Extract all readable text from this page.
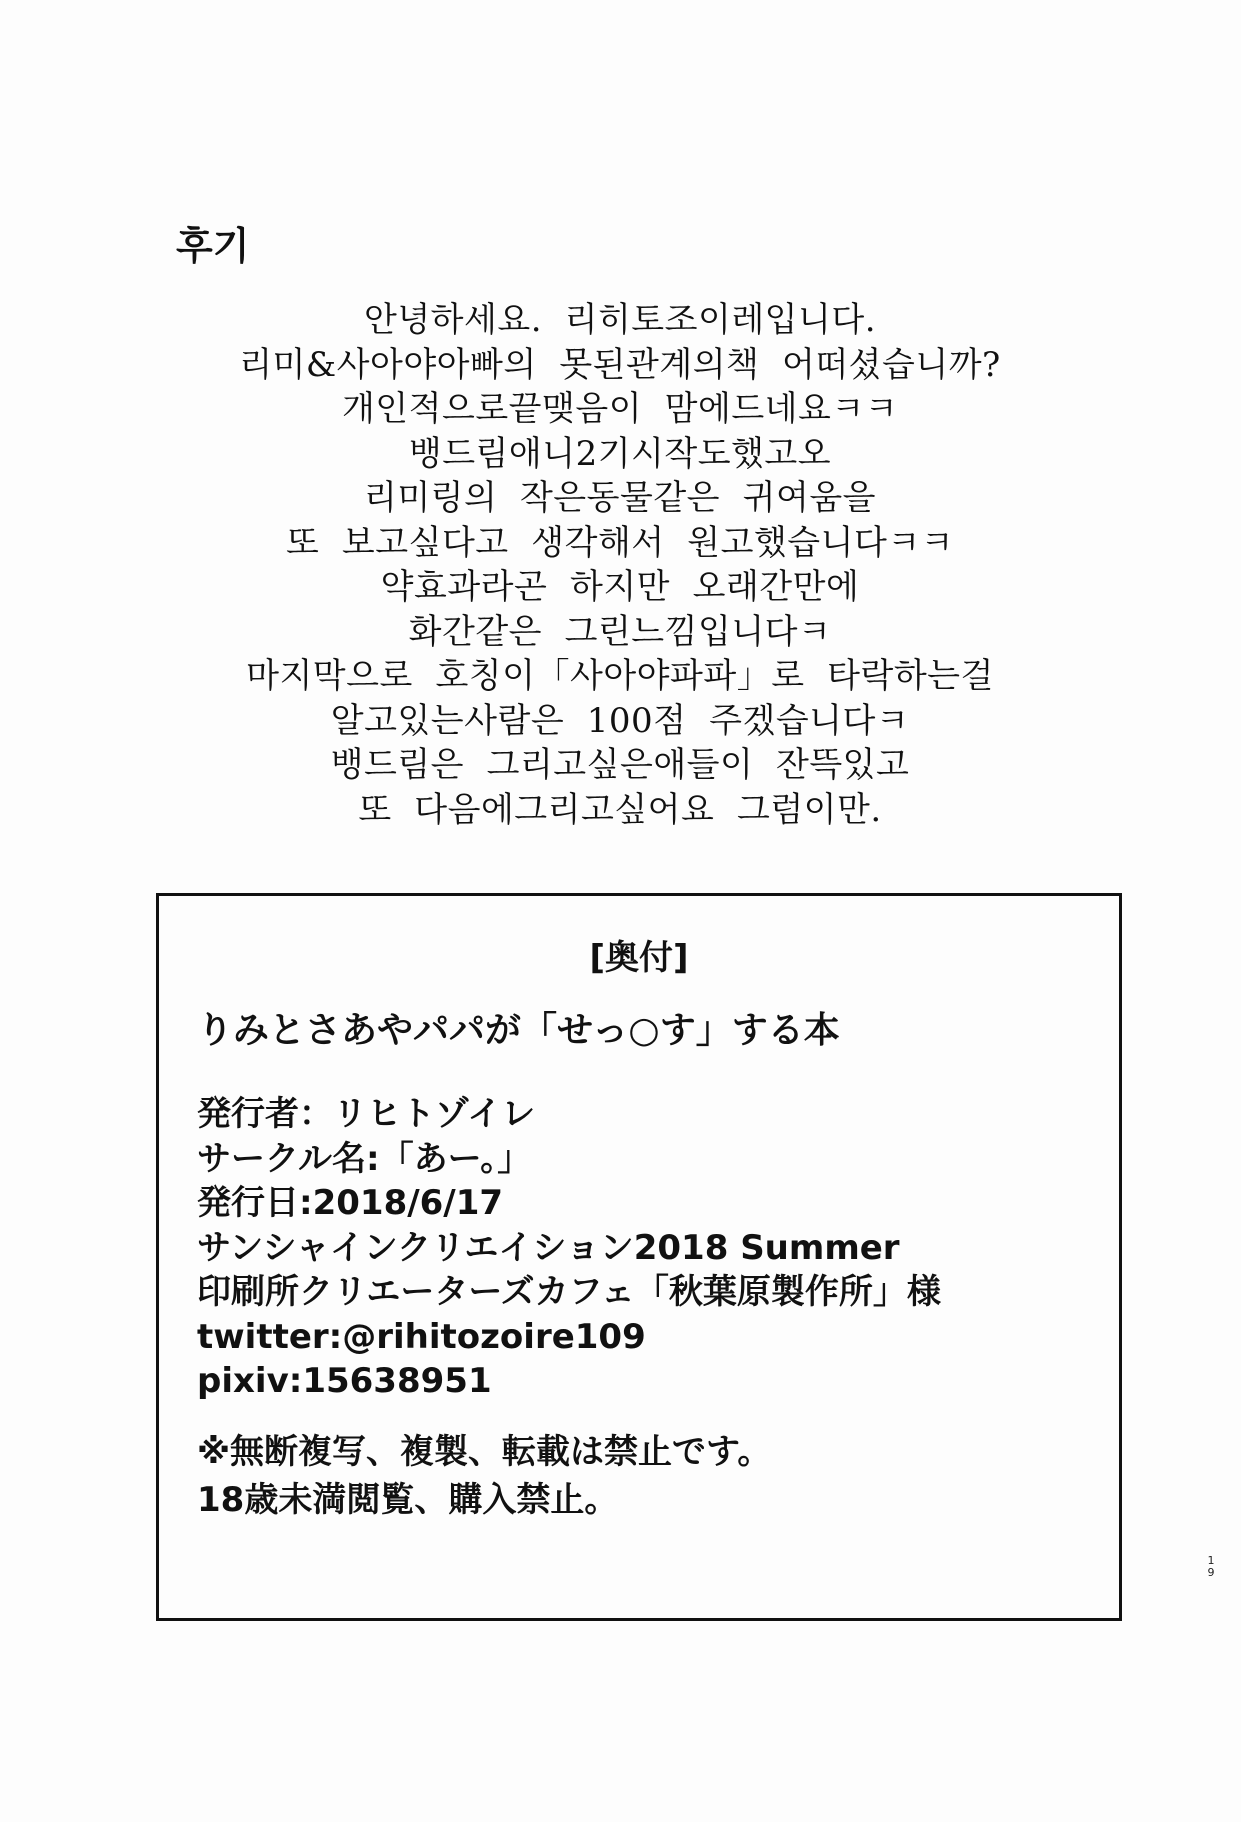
후기
안녕하세요.  리히토조이레입니다.
리미&사아야아빠의  못된관계의책  어떠셨습니까?
개인적으로끝맺음이  맘에드네요ㅋㅋ
뱅드림애니2기시작도했고오
리미링의  작은동물같은  귀여움을
또  보고싶다고  생각해서  원고했습니다ㅋㅋ
약효과라곤  하지만  오래간만에
화간같은  그린느낌입니다ㅋ
마지막으로  호칭이「사아야파파」로  타락하는걸
알고있는사람은  100점  주겠습니다ㅋ
뱅드림은  그리고싶은애들이  잔뜩있고
또  다음에그리고싶어요  그럼이만.
[奥付]
りみとさあやパパが「せっ○す」する本
発行者：リヒトゾイレ
サークル名:「あー。」
発行日:2018/6/17
サンシャインクリエイション2018 Summer
印刷所クリエーターズカフェ「秋葉原製作所」様
twitter:@rihitozoire109
pixiv:15638951
※無断複写、複製、転載は禁止です。
18歳未満閲覧、購入禁止。
1
9
